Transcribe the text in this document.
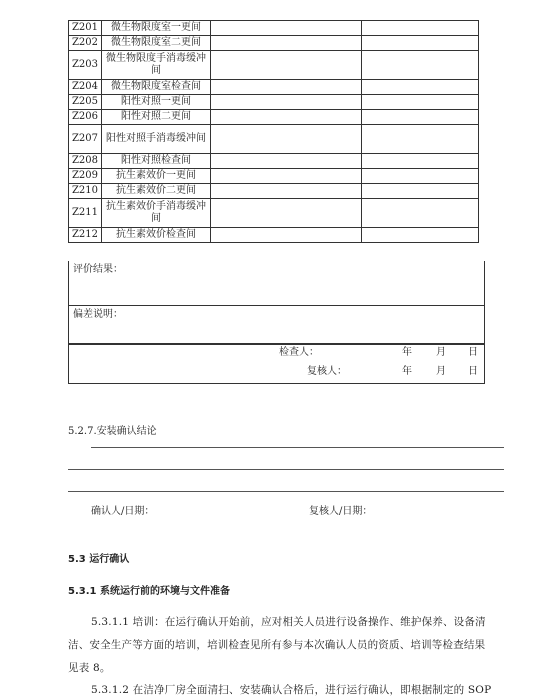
Z201	微生物限度室一更间		
Z202	微生物限度室二更间		
Z203	微生物限度手消毒缓冲间		
Z204	微生物限度室检查间		
Z205	阳性对照一更间		
Z206	阳性对照二更间		
Z207	阳性对照手消毒缓冲间		
Z208	阳性对照检查间		
Z209	抗生素效价一更间		
Z210	抗生素效价二更间		
Z211	抗生素效价手消毒缓冲间		
Z212	抗生素效价检查间		
评价结果：
偏差说明：
检查人：	年 月 日
复核人：	年 月 日
5.2.7.安装确认结论
确认人/日期：	复核人/日期：
5.3 运行确认
5.3.1 系统运行前的环境与文件准备
5.3.1.1 培训：在运行确认开始前，应对相关人员进行设备操作、维护保养、设备清
洁、安全生产等方面的培训，培训检查见所有参与本次确认人员的资质、培训等检查结果
见表 8。
5.3.1.2 在洁净厂房全面清扫、安装确认合格后，进行运行确认，即根据制定的 SOP
